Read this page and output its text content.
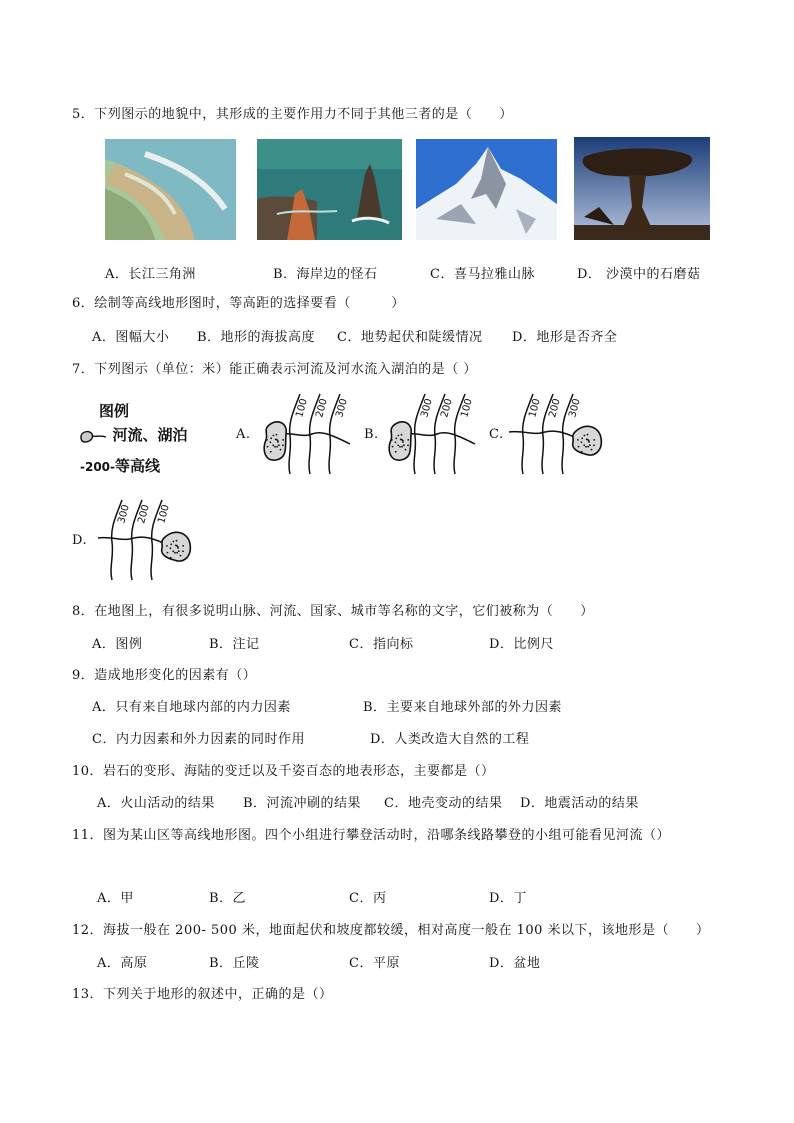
5．下列图示的地貌中，其形成的主要作用力不同于其他三者的是（　　）
A．长江三角洲	B．海岸边的怪石	C．喜马拉雅山脉	D． 沙漠中的石磨菇
6．绘制等高线地形图时，等高距的选择要看（　　　）
A．图幅大小 B．地形的海拔高度 C．地势起伏和陡缓情况 D．地形是否齐全
7．下列图示（单位：米）能正确表示河流及河水流入湖泊的是（ ）
图例
河流、湖泊
-200-等高线
A.	B.	C.
D.
100 200 300	300 200 100	100 200 300
300 200 100
8．在地图上，有很多说明山脉、河流、国家、城市等名称的文字，它们被称为（　　）
A．图例	B．注记	C．指向标	D．比例尺
9．造成地形变化的因素有（）
A．只有来自地球内部的内力因素	B．主要来自地球外部的外力因素
C．内力因素和外力因素的同时作用	D．人类改造大自然的工程
10．岩石的变形、海陆的变迁以及千姿百态的地表形态，主要都是（）
A．火山活动的结果 B．河流冲刷的结果 C．地壳变动的结果 D．地震活动的结果
11．图为某山区等高线地形图。四个小组进行攀登活动时，沿哪条线路攀登的小组可能看见河流（）
A．甲	B．乙	C．丙	D．丁
12．海拔一般在 200- 500 米，地面起伏和坡度都较缓，相对高度一般在 100 米以下，该地形是（　　）
A．高原	B．丘陵	C．平原	D．盆地
13．下列关于地形的叙述中，正确的是（）
